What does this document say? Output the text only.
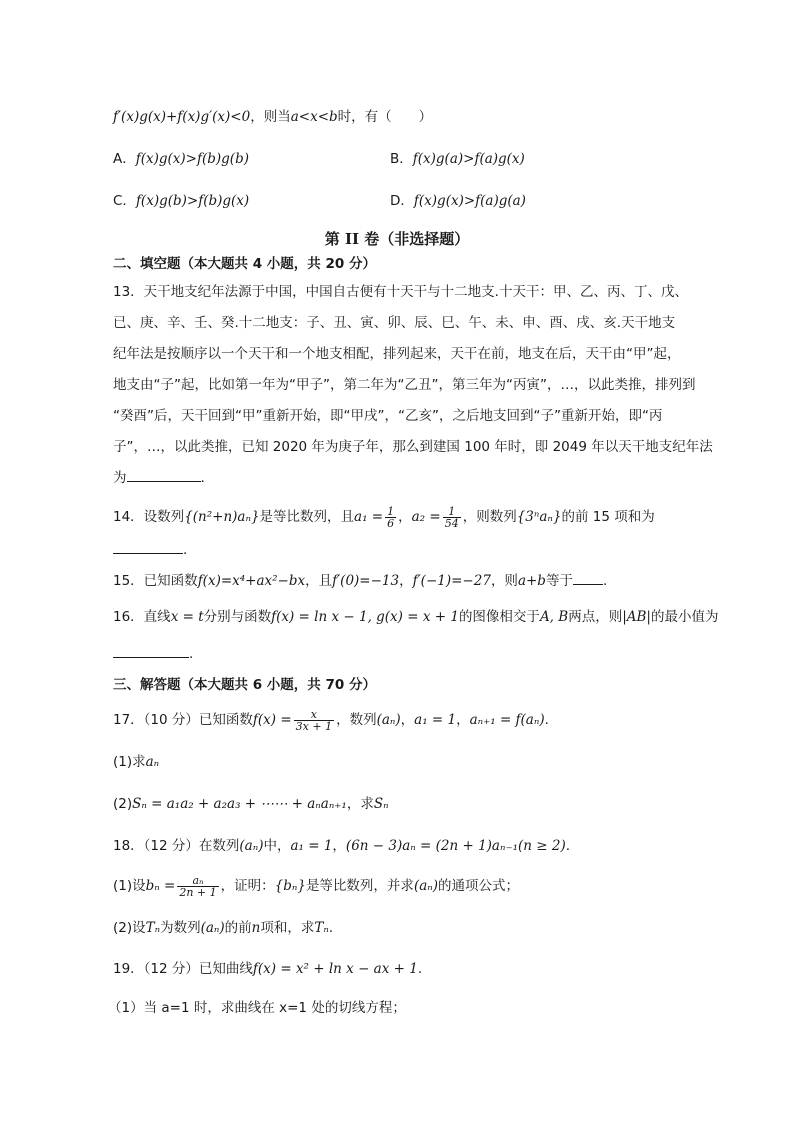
f′(x)g(x)+f(x)g′(x)<0，则当a<x<b时，有（　　）
A．f(x)g(x)>f(b)g(b)	B．f(x)g(a)>f(a)g(x)
C．f(x)g(b)>f(b)g(x)	D．f(x)g(x)>f(a)g(a)
第 II 卷（非选择题）
二、填空题（本大题共 4 小题，共 20 分）
13．天干地支纪年法源于中国，中国自古便有十天干与十二地支.十天干：甲、乙、丙、丁、戊、
已、庚、辛、壬、癸.十二地支：子、丑、寅、卯、辰、巳、午、未、申、酉、戌、亥.天干地支
纪年法是按顺序以一个天干和一个地支相配，排列起来，天干在前，地支在后，天干由“甲”起，
地支由“子”起，比如第一年为“甲子”，第二年为“乙丑”，第三年为“丙寅”，…，以此类推，排列到
“癸酉”后，天干回到“甲”重新开始，即“甲戌”，“乙亥”，之后地支回到“子”重新开始，即“丙
子”，…，以此类推，已知 2020 年为庚子年，那么到建国 100 年时，即 2049 年以天干地支纪年法
为	.
14．设数列{(n²+n)aₙ}是等比数列，且$a_1 = \frac{1}{6}$ ，$a_2 = \frac{1}{54}$ ，则数列{3ⁿaₙ}的前 15 项和为
.
15．已知函数f(x)=x⁴+ax²−bx，且f′(0)=−13，f′(−1)=−27，则a+b等于 .
16．直线x = t分别与函数f(x) = ln x − 1, g(x) = x + 1的图像相交于A, B两点，则|AB|的最小值为
.
三、解答题（本大题共 6 小题，共 70 分）
17．（10 分）已知函数$f(x) = \frac{x}{3x + 1}$ ，数列(aₙ)，a₁ = 1，aₙ₊₁ = f(aₙ).
(1)求aₙ
(2)Sₙ = a₁a₂ + a₂a₃ + ⋯⋯ + aₙaₙ₊₁，求Sₙ
18．（12 分）在数列(aₙ)中，a₁ = 1，(6n − 3)aₙ = (2n + 1)aₙ₋₁(n ≥ 2).
(1)设$b_n = \frac{\text{aₙ}}{2n + 1}$ ，证明：{bₙ}是等比数列，并求(aₙ)的通项公式；
(2)设Tₙ为数列(aₙ)的前n项和，求Tₙ.
19．（12 分）已知曲线f(x) = x² + ln x − ax + 1.
（1）当 a=1 时，求曲线在 x=1 处的切线方程；
